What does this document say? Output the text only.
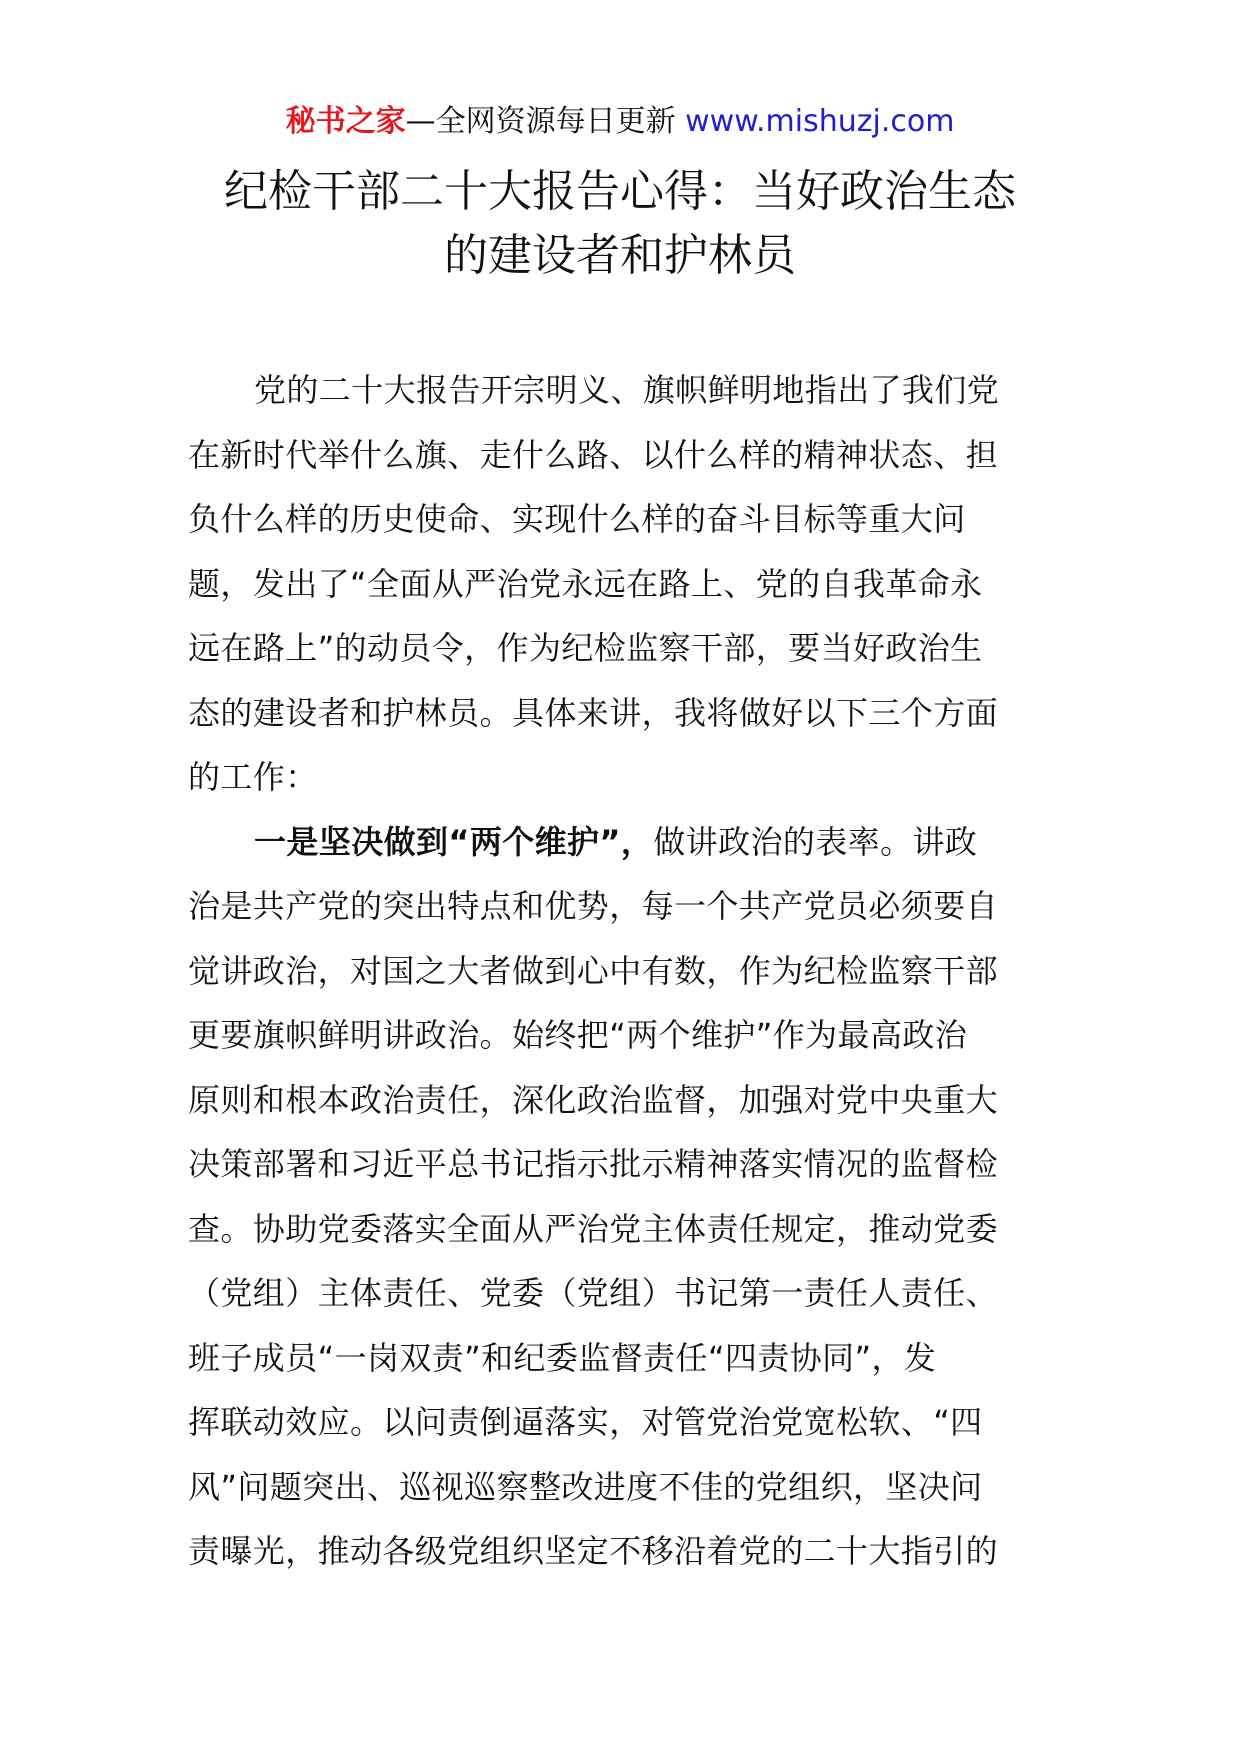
秘书之家—全网资源每日更新 www.mishuzj.com
纪检干部二十大报告心得：当好政治生态
的建设者和护林员
党的二十大报告开宗明义、旗帜鲜明地指出了我们党
在新时代举什么旗、走什么路、以什么样的精神状态、担
负什么样的历史使命、实现什么样的奋斗目标等重大问
题，发出了“全面从严治党永远在路上、党的自我革命永
远在路上”的动员令，作为纪检监察干部，要当好政治生
态的建设者和护林员。具体来讲，我将做好以下三个方面
的工作：
一是坚决做到“两个维护”，做讲政治的表率。讲政
治是共产党的突出特点和优势，每一个共产党员必须要自
觉讲政治，对国之大者做到心中有数，作为纪检监察干部
更要旗帜鲜明讲政治。始终把“两个维护”作为最高政治
原则和根本政治责任，深化政治监督，加强对党中央重大
决策部署和习近平总书记指示批示精神落实情况的监督检
查。协助党委落实全面从严治党主体责任规定，推动党委
（党组）主体责任、党委（党组）书记第一责任人责任、
班子成员“一岗双责”和纪委监督责任“四责协同”，发
挥联动效应。以问责倒逼落实，对管党治党宽松软、“四
风”问题突出、巡视巡察整改进度不佳的党组织，坚决问
责曝光，推动各级党组织坚定不移沿着党的二十大指引的
